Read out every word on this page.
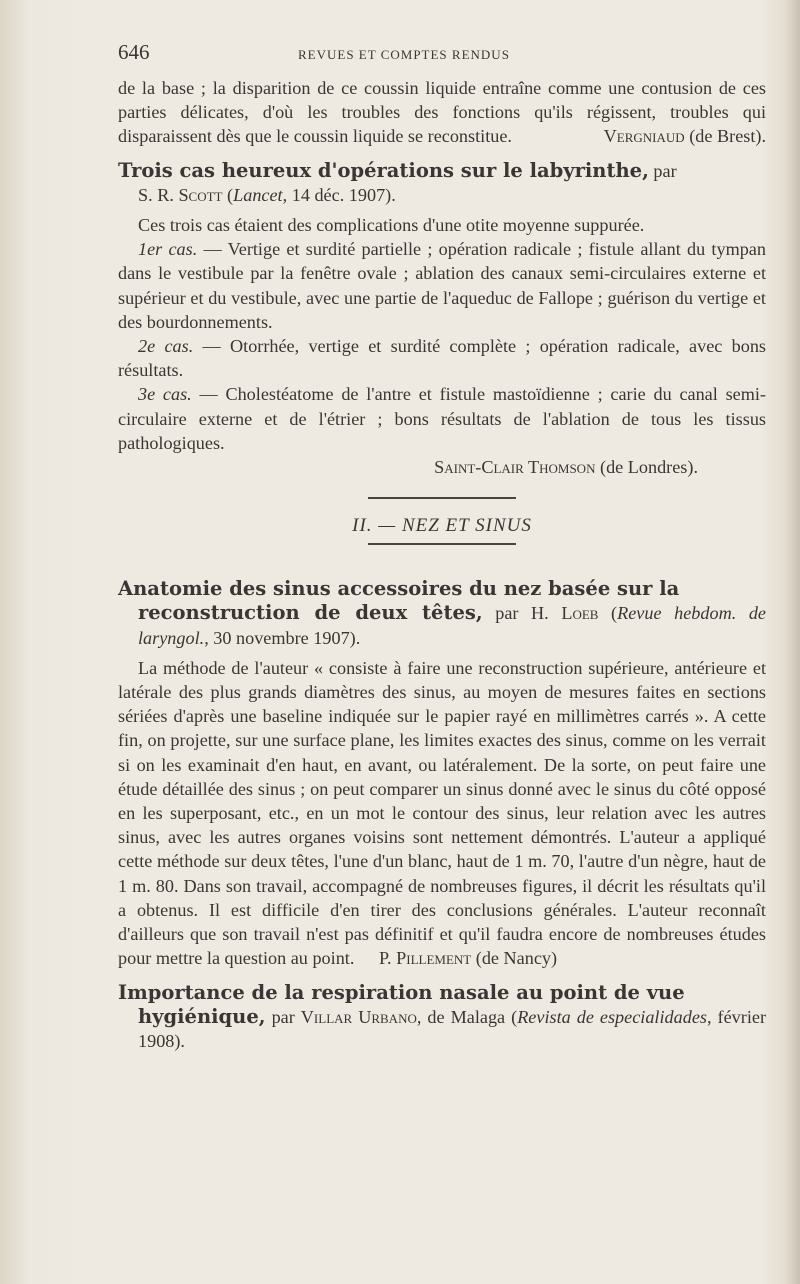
646	REVUES ET COMPTES RENDUS

de la base ; la disparition de ce coussin liquide entraîne comme une contusion de ces parties délicates, d'où les troubles des fonctions qu'ils régissent, troubles qui disparaissent dès que le coussin liquide se reconstitue.	Vergniaud (de Brest).

Trois cas heureux d'opérations sur le labyrinthe, par
S. R. Scott (Lancet, 14 déc. 1907).

Ces trois cas étaient des complications d'une otite moyenne suppurée.

1er cas. — Vertige et surdité partielle ; opération radicale ; fistule allant du tympan dans le vestibule par la fenêtre ovale ; ablation des canaux semi-circulaires externe et supérieur et du vestibule, avec une partie de l'aqueduc de Fallope ; guérison du vertige et des bourdonnements.

2e cas. — Otorrhée, vertige et surdité complète ; opération radicale, avec bons résultats.

3e cas. — Cholestéatome de l'antre et fistule mastoïdienne ; carie du canal semi-circulaire externe et de l'étrier ; bons résultats de l'ablation de tous les tissus pathologiques.

Saint-Clair Thomson (de Londres).

II. — NEZ ET SINUS
Anatomie des sinus accessoires du nez basée sur la
reconstruction de deux têtes, par H. Loeb (Revue hebdom. de laryngol., 30 novembre 1907).

La méthode de l'auteur « consiste à faire une reconstruction supérieure, antérieure et latérale des plus grands diamètres des sinus, au moyen de mesures faites en sections sériées d'après une baseline indiquée sur le papier rayé en millimètres carrés ». A cette fin, on projette, sur une surface plane, les limites exactes des sinus, comme on les verrait si on les examinait d'en haut, en avant, ou latéralement. De la sorte, on peut faire une étude détaillée des sinus ; on peut comparer un sinus donné avec le sinus du côté opposé en les superposant, etc., en un mot le contour des sinus, leur relation avec les autres sinus, avec les autres organes voisins sont nettement démontrés. L'auteur a appliqué cette méthode sur deux têtes, l'une d'un blanc, haut de 1 m. 70, l'autre d'un nègre, haut de 1 m. 80. Dans son travail, accompagné de nombreuses figures, il décrit les résultats qu'il a obtenus. Il est difficile d'en tirer des conclusions générales. L'auteur reconnaît d'ailleurs que son travail n'est pas définitif et qu'il faudra encore de nombreuses études pour mettre la question au point. P. Pillement (de Nancy)

Importance de la respiration nasale au point de vue
hygiénique, par Villar Urbano, de Malaga (Revista de especialidades, février 1908).
